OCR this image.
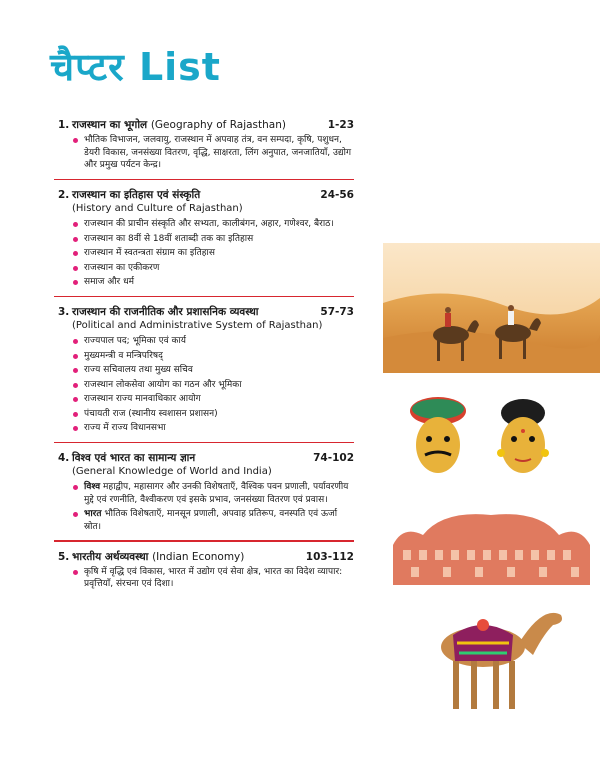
चैप्टर List
1. राजस्थान का भूगोल (Geography of Rajasthan)	1-23
भौतिक विभाजन, जलवायु, राजस्थान में अपवाह तंत्र, वन सम्पदा, कृषि, पशुधन, डेयरी विकास, जनसंख्या वितरण, वृद्धि, साक्षरता, लिंग अनुपात, जनजातियाँ, उद्योग और प्रमुख पर्यटन केन्द्र।
2. राजस्थान का इतिहास एवं संस्कृति	24-56
(History and Culture of Rajasthan)
राजस्थान की प्राचीन संस्कृति और सभ्यता, कालीबंगन, अहार, गणेश्वर, बैराठ।
राजस्थान का 8वीं से 18वीं शताब्दी तक का इतिहास
राजस्थान में स्वतन्त्रता संग्राम का इतिहास
राजस्थान का एकीकरण
समाज और धर्म
3. राजस्थान की राजनीतिक और प्रशासनिक व्यवस्था	57-73
(Political and Administrative System of Rajasthan)
राज्यपाल पद; भूमिका एवं कार्य
मुख्यमन्त्री व मन्त्रिपरिषद्
राज्य सचिवालय तथा मुख्य सचिव
राजस्थान लोकसेवा आयोग का गठन और भूमिका
राजस्थान राज्य मानवाधिकार आयोग
पंचायती राज (स्थानीय स्वशासन प्रशासन)
राज्य में राज्य विधानसभा
4. विश्व एवं भारत का सामान्य ज्ञान	74-102
(General Knowledge of World and India)
विश्व महाद्वीप, महासागर और उनकी विशेषताएँ, वैश्विक पवन प्रणाली, पर्यावरणीय मुद्दे एवं रणनीति, वैश्वीकरण एवं इसके प्रभाव, जनसंख्या वितरण एवं प्रवास।
भारत भौतिक विशेषताएँ, मानसून प्रणाली, अपवाह प्रतिरूप, वनस्पति एवं ऊर्जा स्रोत।
5. भारतीय अर्थव्यवस्था (Indian Economy)	103-112
कृषि में वृद्धि एवं विकास, भारत में उद्योग एवं सेवा क्षेत्र, भारत का विदेश व्यापार: प्रवृत्तियाँ, संरचना एवं दिशा।
